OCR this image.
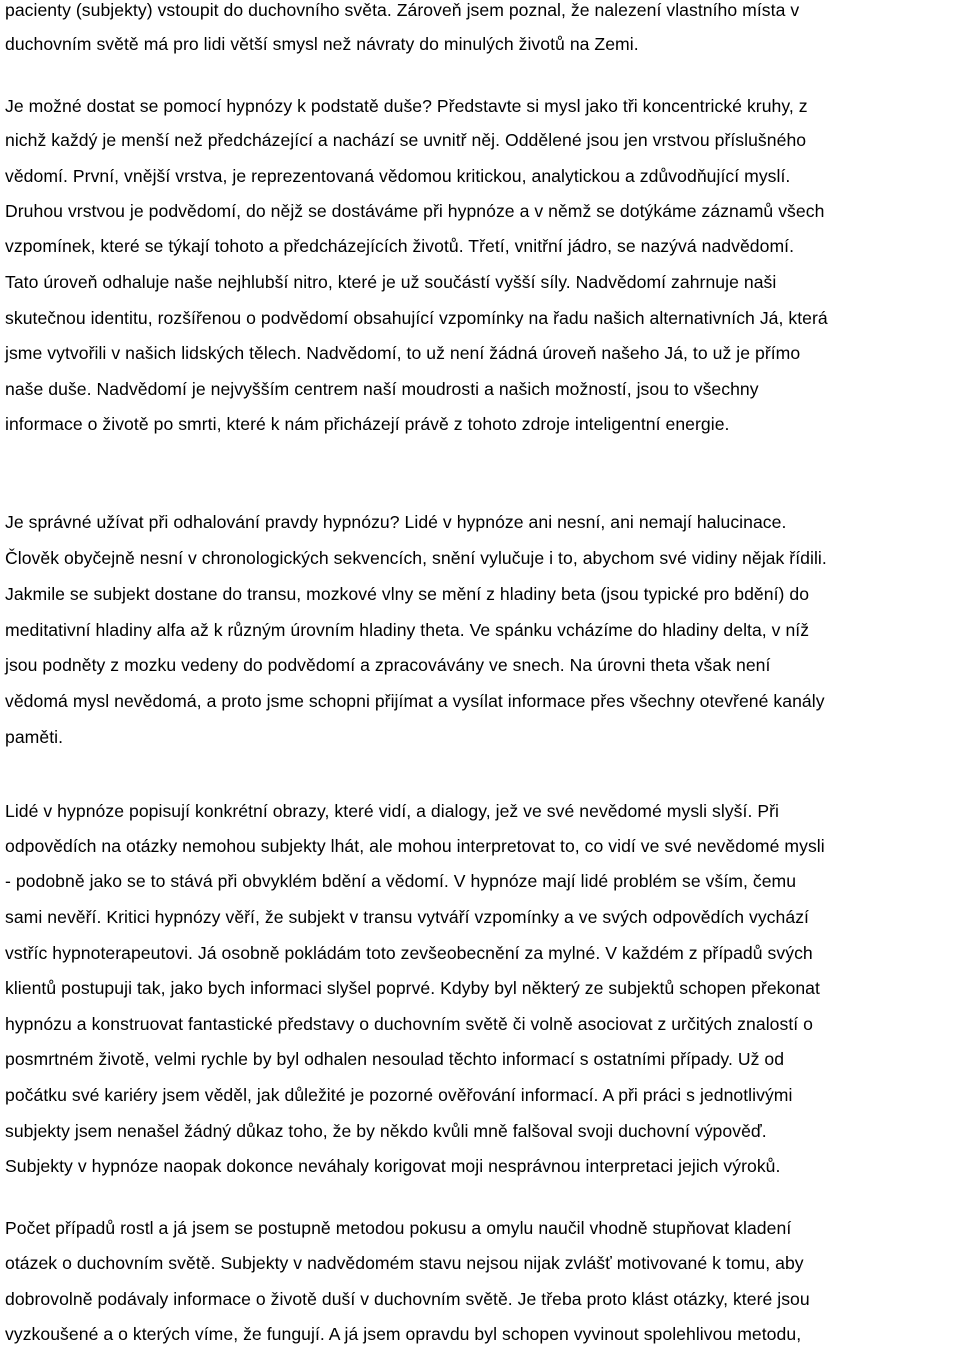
pacienty (subjekty) vstoupit do duchovního světa. Zároveň jsem poznal, že nalezení vlastního místa v

duchovním světě má pro lidi větší smysl než návraty do minulých životů na Zemi.

Je možné dostat se pomocí hypnózy k podstatě duše? Představte si mysl jako tři koncentrické kruhy, z

nichž každý je menší než předcházející a nachází se uvnitř něj. Oddělené jsou jen vrstvou příslušného

vědomí. První, vnější vrstva, je reprezentovaná vědomou kritickou, analytickou a zdůvodňující myslí.

Druhou vrstvou je podvědomí, do nějž se dostáváme při hypnóze a v němž se dotýkáme záznamů všech

vzpomínek, které se týkají tohoto a předcházejících životů. Třetí, vnitřní jádro, se nazývá nadvědomí.

Tato úroveň odhaluje naše nejhlubší nitro, které je už součástí vyšší síly. Nadvědomí zahrnuje naši

skutečnou identitu, rozšířenou o podvědomí obsahující vzpomínky na řadu našich alternativních Já, která

jsme vytvořili v našich lidských tělech. Nadvědomí, to už není žádná úroveň našeho Já, to už je přímo

naše duše. Nadvědomí je nejvyšším centrem naší moudrosti a našich možností, jsou to všechny

informace o životě po smrti, které k nám přicházejí právě z tohoto zdroje inteligentní energie.

Je správné užívat při odhalování pravdy hypnózu? Lidé v hypnóze ani nesní, ani nemají halucinace.

Člověk obyčejně nesní v chronologických sekvencích, snění vylučuje i to, abychom své vidiny nějak řídili.

Jakmile se subjekt dostane do transu, mozkové vlny se mění z hladiny beta (jsou typické pro bdění) do

meditativní hladiny alfa až k různým úrovním hladiny theta. Ve spánku vcházíme do hladiny delta, v níž

jsou podněty z mozku vedeny do podvědomí a zpracovávány ve snech. Na úrovni theta však není

vědomá mysl nevědomá, a proto jsme schopni přijímat a vysílat informace přes všechny otevřené kanály

paměti.

Lidé v hypnóze popisují konkrétní obrazy, které vidí, a dialogy, jež ve své nevědomé mysli slyší. Při

odpovědích na otázky nemohou subjekty lhát, ale mohou interpretovat to, co vidí ve své nevědomé mysli

- podobně jako se to stává při obvyklém bdění a vědomí. V hypnóze mají lidé problém se vším, čemu

sami nevěří. Kritici hypnózy věří, že subjekt v transu vytváří vzpomínky a ve svých odpovědích vychází

vstříc hypnoterapeutovi. Já osobně pokládám toto zevšeobecnění za mylné. V každém z případů svých

klientů postupuji tak, jako bych informaci slyšel poprvé. Kdyby byl některý ze subjektů schopen překonat

hypnózu a konstruovat fantastické představy o duchovním světě či volně asociovat z určitých znalostí o

posmrtném životě, velmi rychle by byl odhalen nesoulad těchto informací s ostatními případy. Už od

počátku své kariéry jsem věděl, jak důležité je pozorné ověřování informací. A při práci s jednotlivými

subjekty jsem nenašel žádný důkaz toho, že by někdo kvůli mně falšoval svoji duchovní výpověď.

Subjekty v hypnóze naopak dokonce neváhaly korigovat moji nesprávnou interpretaci jejich výroků.

Počet případů rostl a já jsem se postupně metodou pokusu a omylu naučil vhodně stupňovat kladení

otázek o duchovním světě. Subjekty v nadvědomém stavu nejsou nijak zvlášť motivované k tomu, aby

dobrovolně podávaly informace o životě duší v duchovním světě. Je třeba proto klást otázky, které jsou

vyzkoušené a o kterých víme, že fungují. A já jsem opravdu byl schopen vyvinout spolehlivou metodu,
